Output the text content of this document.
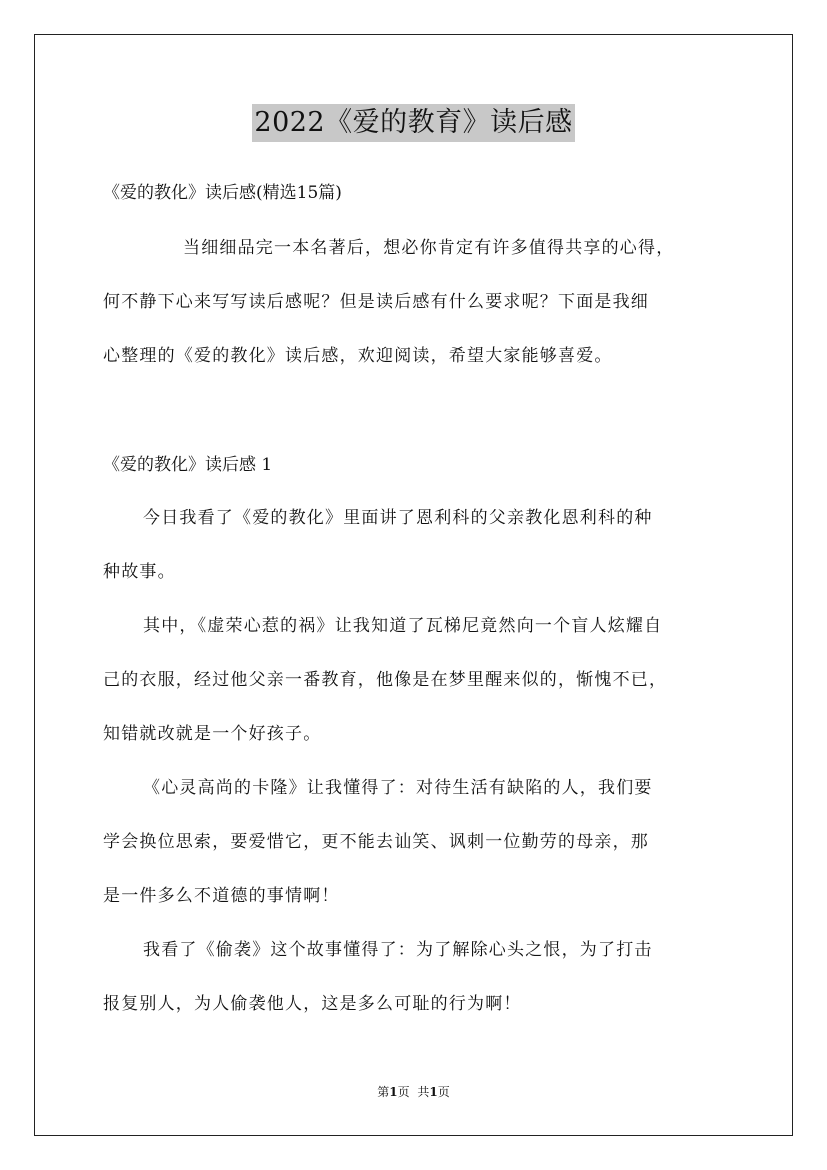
2022《爱的教育》读后感
《爱的教化》读后感(精选15篇)
当细细品完一本名著后，想必你肯定有许多值得共享的心得，
何不静下心来写写读后感呢？但是读后感有什么要求呢？下面是我细
心整理的《爱的教化》读后感，欢迎阅读，希望大家能够喜爱。
《爱的教化》读后感 1
今日我看了《爱的教化》里面讲了恩利科的父亲教化恩利科的种
种故事。
其中，《虚荣心惹的祸》让我知道了瓦梯尼竟然向一个盲人炫耀自
己的衣服，经过他父亲一番教育，他像是在梦里醒来似的，惭愧不已，
知错就改就是一个好孩子。
《心灵高尚的卡隆》让我懂得了：对待生活有缺陷的人，我们要
学会换位思索，要爱惜它，更不能去讪笑、讽刺一位勤劳的母亲，那
是一件多么不道德的事情啊！
我看了《偷袭》这个故事懂得了：为了解除心头之恨，为了打击
报复别人，为人偷袭他人，这是多么可耻的行为啊！
第1页 共1页
